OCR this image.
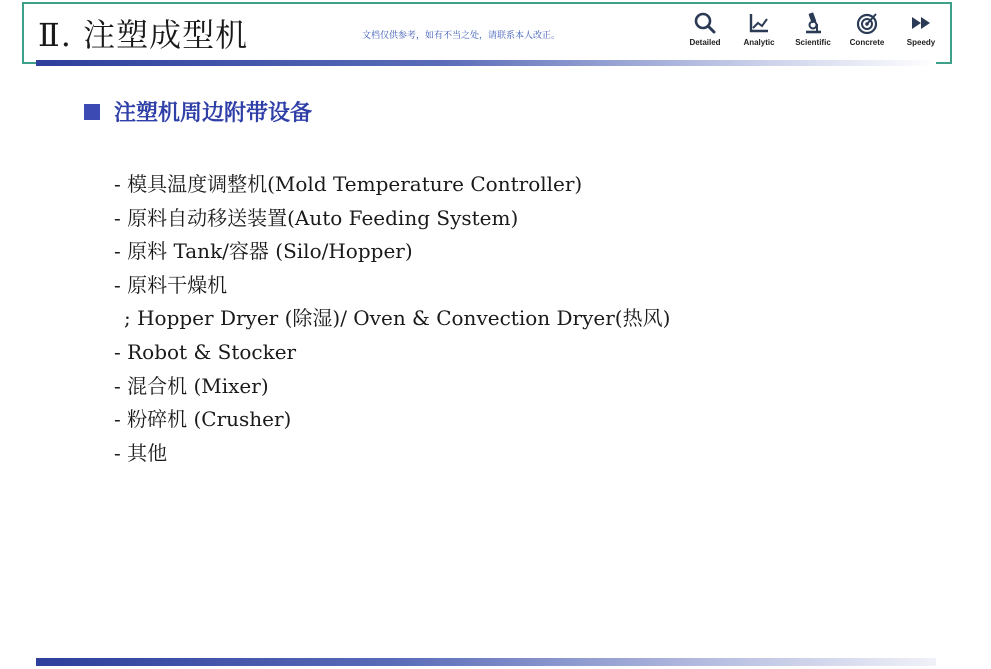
Ⅱ. 注塑成型机	文档仅供参考，如有不当之处，请联系本人改正。
Detailed	Analytic	Scientific Concrete	Speedy
注塑机周边附带设备
- 模具温度调整机(Mold Temperature Controller)
- 原料自动移送装置(Auto Feeding System)
- 原料 Tank/容器 (Silo/Hopper)
- 原料干燥机
; Hopper Dryer (除湿)/ Oven & Convection Dryer(热风)
- Robot & Stocker
- 混合机 (Mixer)
- 粉碎机 (Crusher)
- 其他
